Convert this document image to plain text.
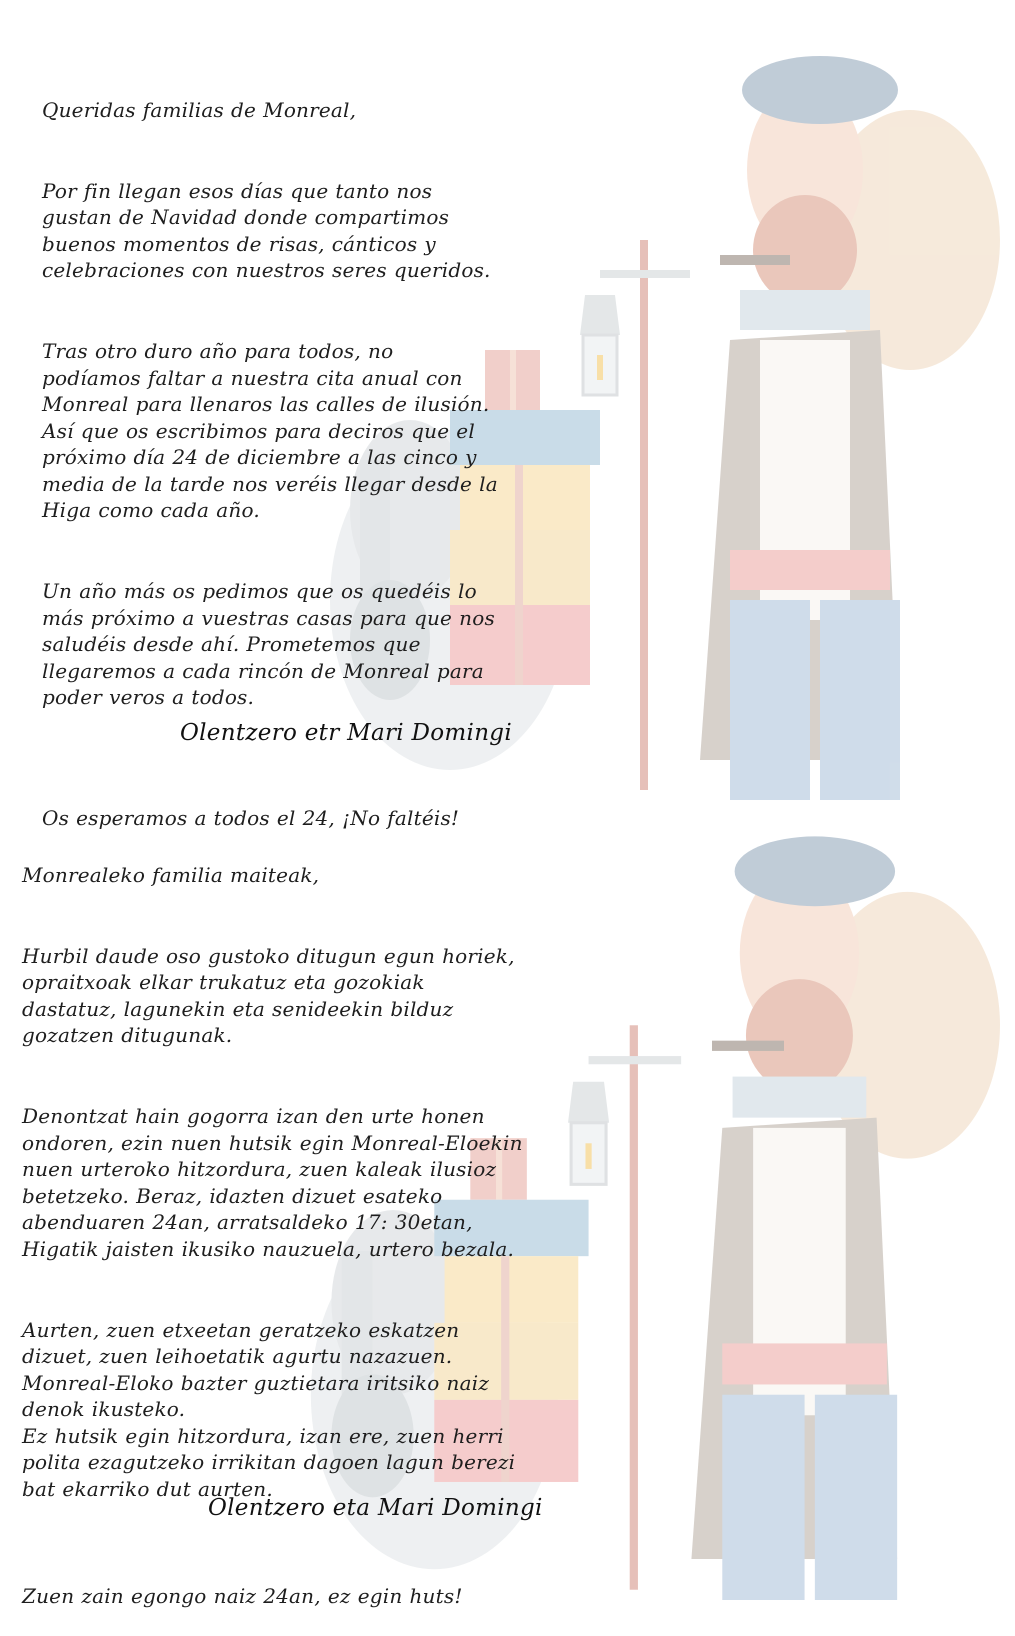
Queridas familias de Monreal,

Por fin llegan esos días que tanto nos
gustan de Navidad donde compartimos
buenos momentos de risas, cánticos y
celebraciones con nuestros seres queridos.

Tras otro duro año para todos, no
podíamos faltar a nuestra cita anual con
Monreal para llenaros las calles de ilusión.
Así que os escribimos para deciros que el
próximo día 24 de diciembre a las cinco y
media de la tarde nos veréis llegar desde la
Higa como cada año.

Un año más os pedimos que os quedéis lo
más próximo a vuestras casas para que nos
saludéis desde ahí. Prometemos que
llegaremos a cada rincón de Monreal para
poder veros a todos.

Os esperamos a todos el 24, ¡No faltéis!

Olentzero etr Mari Domingi

Monrealeko familia maiteak,

Hurbil daude oso gustoko ditugun egun horiek,
opraitxoak elkar trukatuz eta gozokiak
dastatuz, lagunekin eta senideekin bilduz
gozatzen ditugunak.

Denontzat hain gogorra izan den urte honen
ondoren, ezin nuen hutsik egin Monreal-Eloekin
nuen urteroko hitzordura, zuen kaleak ilusioz
betetzeko. Beraz, idazten dizuet esateko
abenduaren 24an, arratsaldeko 17: 30etan,
Higatik jaisten ikusiko nauzuela, urtero bezala.

Aurten, zuen etxeetan geratzeko eskatzen
dizuet, zuen leihoetatik agurtu nazazuen.
Monreal-Eloko bazter guztietara iritsiko naiz
denok ikusteko.
Ez hutsik egin hitzordura, izan ere, zuen herri
polita ezagutzeko irrikitan dagoen lagun berezi
bat ekarriko dut aurten.

Zuen zain egongo naiz 24an, ez egin huts!

Olentzero eta Mari Domingi
